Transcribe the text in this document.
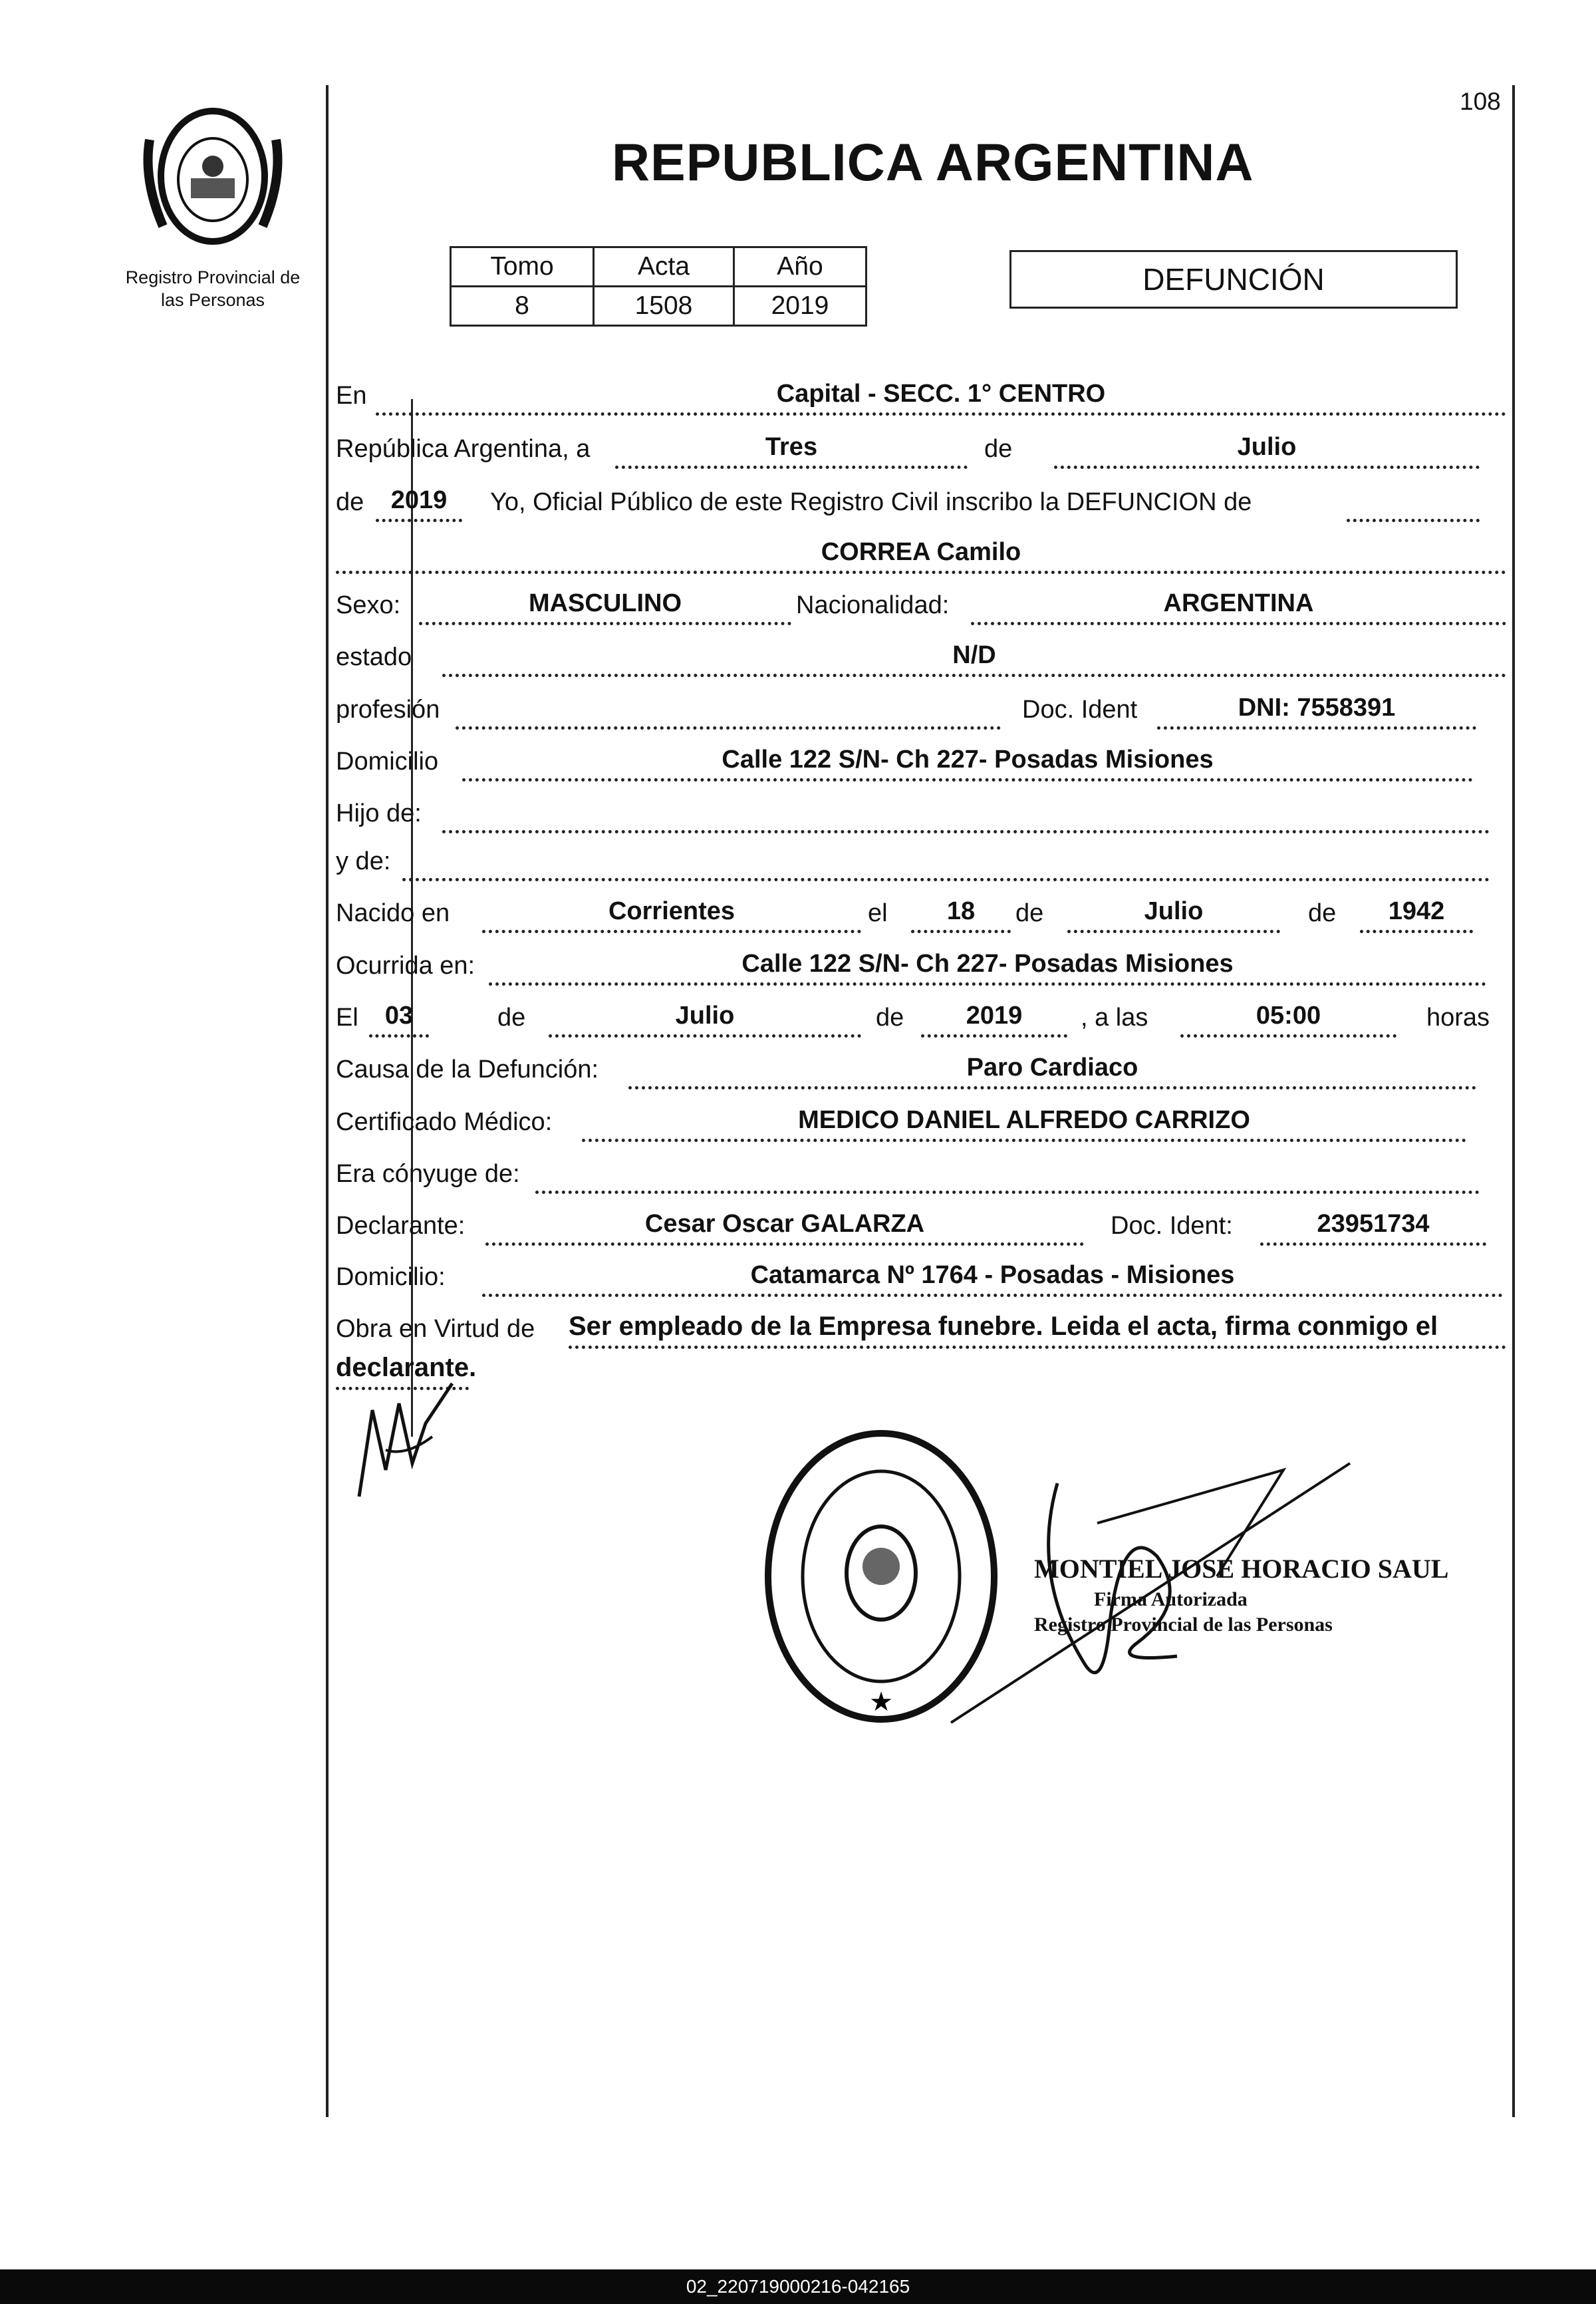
108
Registro Provincial de
las Personas
REPUBLICA ARGENTINA
Tomo	Acta	Año
8	1508	2019
DEFUNCIÓN
En	Capital - SECC. 1° CENTRO
República Argentina, a	Tres	de	Julio
de	2019	Yo, Oficial Público de este Registro Civil inscribo la DEFUNCION de
CORREA Camilo
Sexo:	MASCULINO	Nacionalidad:	ARGENTINA
estado	N/D
profesión	Doc. Ident	DNI: 7558391
Domicilio	Calle 122 S/N- Ch 227- Posadas Misiones
Hijo de:
y de:
Nacido en	Corrientes	el	18	de	Julio	de	1942
Ocurrida en:	Calle 122 S/N- Ch 227- Posadas Misiones
El	03	de	Julio	de	2019	, a las	05:00	horas
Causa de la Defunción:	Paro Cardiaco
Certificado Médico:	MEDICO DANIEL ALFREDO CARRIZO
Era cónyuge de:
Declarante:	Cesar Oscar GALARZA	Doc. Ident:	23951734
Domicilio:	Catamarca Nº 1764 - Posadas - Misiones
Obra en Virtud de Ser empleado de la Empresa funebre. Leida el acta, firma conmigo el
declarante.
★
MONTIEL JOSE HORACIO SAUL
Firma Autorizada
Registro Provincial de las Personas
02_220719000216-042165
